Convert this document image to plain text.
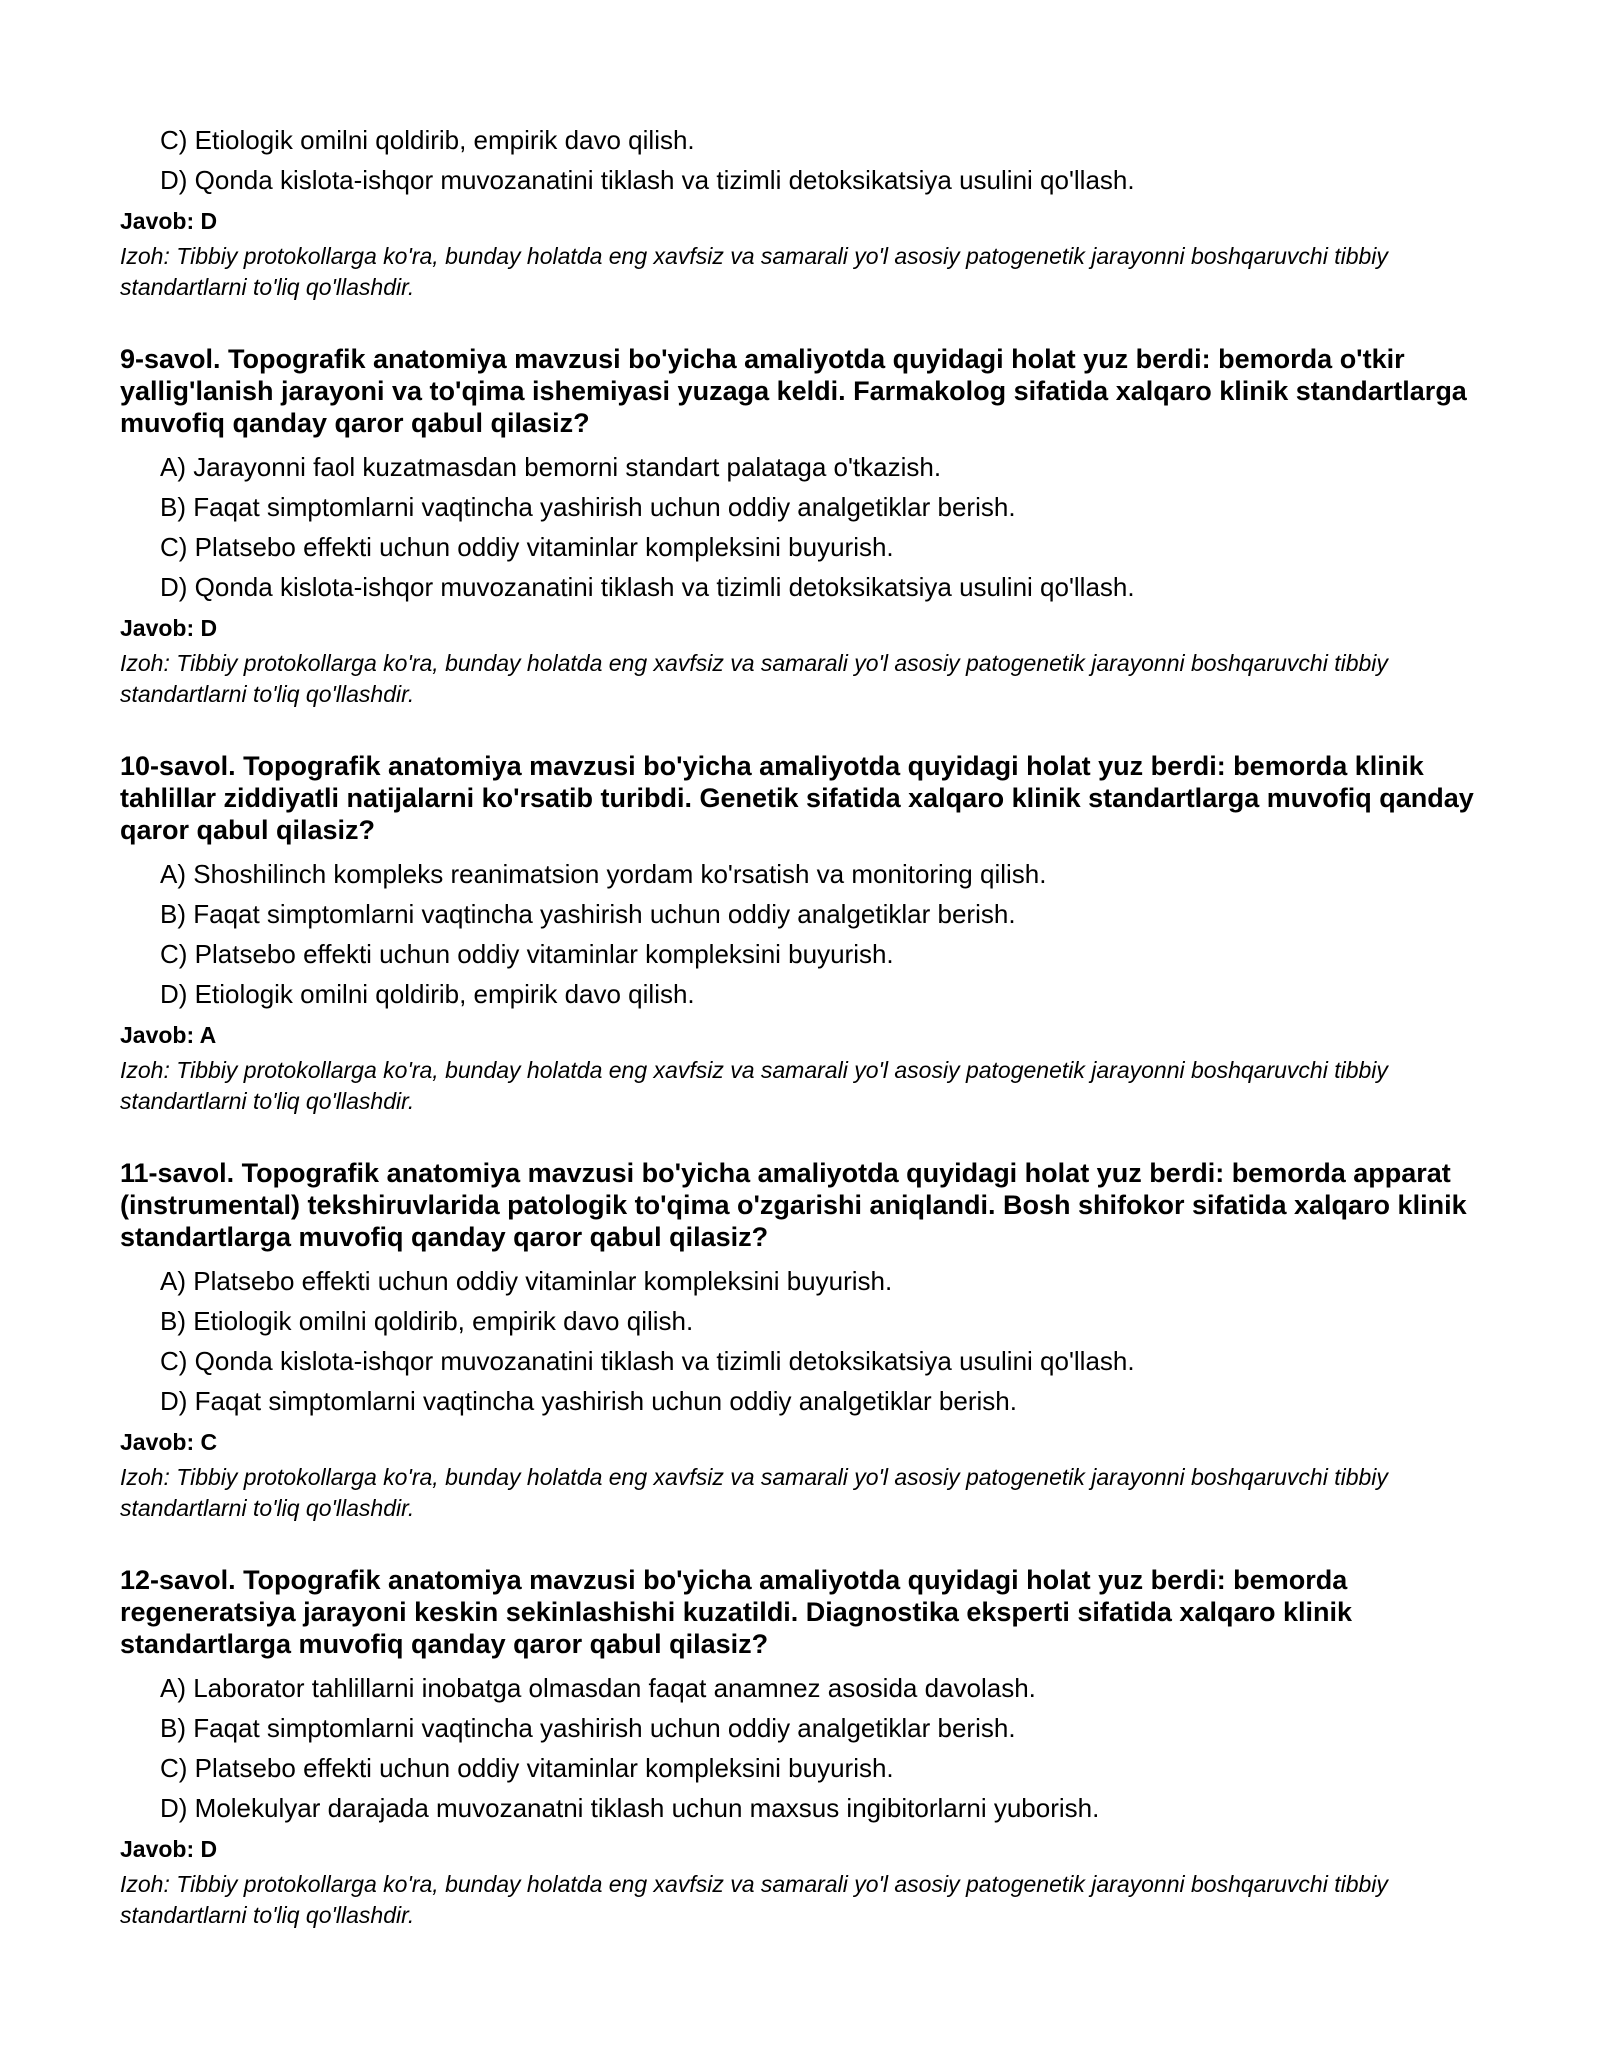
C) Etiologik omilni qoldirib, empirik davo qilish.
D) Qonda kislota-ishqor muvozanatini tiklash va tizimli detoksikatsiya usulini qo'llash.
Javob: D
Izoh: Tibbiy protokollarga ko'ra, bunday holatda eng xavfsiz va samarali yo'l asosiy patogenetik jarayonni boshqaruvchi tibbiy standartlarni to'liq qo'llashdir.
9-savol. Topografik anatomiya mavzusi bo'yicha amaliyotda quyidagi holat yuz berdi: bemorda o'tkir yallig'lanish jarayoni va to'qima ishemiyasi yuzaga keldi. Farmakolog sifatida xalqaro klinik standartlarga muvofiq qanday qaror qabul qilasiz?
A) Jarayonni faol kuzatmasdan bemorni standart palataga o'tkazish.
B) Faqat simptomlarni vaqtincha yashirish uchun oddiy analgetiklar berish.
C) Platsebo effekti uchun oddiy vitaminlar kompleksini buyurish.
D) Qonda kislota-ishqor muvozanatini tiklash va tizimli detoksikatsiya usulini qo'llash.
Javob: D
Izoh: Tibbiy protokollarga ko'ra, bunday holatda eng xavfsiz va samarali yo'l asosiy patogenetik jarayonni boshqaruvchi tibbiy standartlarni to'liq qo'llashdir.
10-savol. Topografik anatomiya mavzusi bo'yicha amaliyotda quyidagi holat yuz berdi: bemorda klinik tahlillar ziddiyatli natijalarni ko'rsatib turibdi. Genetik sifatida xalqaro klinik standartlarga muvofiq qanday qaror qabul qilasiz?
A) Shoshilinch kompleks reanimatsion yordam ko'rsatish va monitoring qilish.
B) Faqat simptomlarni vaqtincha yashirish uchun oddiy analgetiklar berish.
C) Platsebo effekti uchun oddiy vitaminlar kompleksini buyurish.
D) Etiologik omilni qoldirib, empirik davo qilish.
Javob: A
Izoh: Tibbiy protokollarga ko'ra, bunday holatda eng xavfsiz va samarali yo'l asosiy patogenetik jarayonni boshqaruvchi tibbiy standartlarni to'liq qo'llashdir.
11-savol. Topografik anatomiya mavzusi bo'yicha amaliyotda quyidagi holat yuz berdi: bemorda apparat (instrumental) tekshiruvlarida patologik to'qima o'zgarishi aniqlandi. Bosh shifokor sifatida xalqaro klinik standartlarga muvofiq qanday qaror qabul qilasiz?
A) Platsebo effekti uchun oddiy vitaminlar kompleksini buyurish.
B) Etiologik omilni qoldirib, empirik davo qilish.
C) Qonda kislota-ishqor muvozanatini tiklash va tizimli detoksikatsiya usulini qo'llash.
D) Faqat simptomlarni vaqtincha yashirish uchun oddiy analgetiklar berish.
Javob: C
Izoh: Tibbiy protokollarga ko'ra, bunday holatda eng xavfsiz va samarali yo'l asosiy patogenetik jarayonni boshqaruvchi tibbiy standartlarni to'liq qo'llashdir.
12-savol. Topografik anatomiya mavzusi bo'yicha amaliyotda quyidagi holat yuz berdi: bemorda regeneratsiya jarayoni keskin sekinlashishi kuzatildi. Diagnostika eksperti sifatida xalqaro klinik standartlarga muvofiq qanday qaror qabul qilasiz?
A) Laborator tahlillarni inobatga olmasdan faqat anamnez asosida davolash.
B) Faqat simptomlarni vaqtincha yashirish uchun oddiy analgetiklar berish.
C) Platsebo effekti uchun oddiy vitaminlar kompleksini buyurish.
D) Molekulyar darajada muvozanatni tiklash uchun maxsus ingibitorlarni yuborish.
Javob: D
Izoh: Tibbiy protokollarga ko'ra, bunday holatda eng xavfsiz va samarali yo'l asosiy patogenetik jarayonni boshqaruvchi tibbiy standartlarni to'liq qo'llashdir.
